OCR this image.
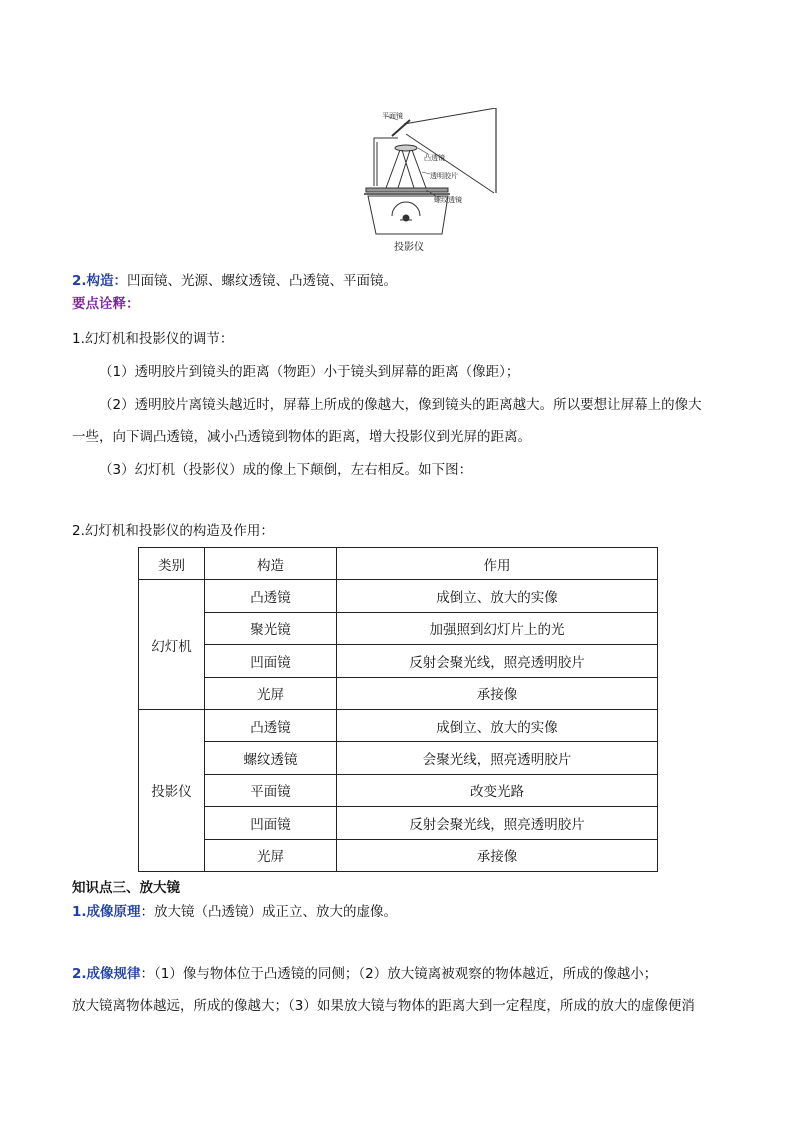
平面镜
凸透镜
透明胶片
螺纹透镜
投影仪
2.构造：凹面镜、光源、螺纹透镜、凸透镜、平面镜。
要点诠释：
1.幻灯机和投影仪的调节：
（1）透明胶片到镜头的距离（物距）小于镜头到屏幕的距离（像距）；
（2）透明胶片离镜头越近时，屏幕上所成的像越大，像到镜头的距离越大。所以要想让屏幕上的像大
一些，向下调凸透镜，减小凸透镜到物体的距离，增大投影仪到光屏的距离。
（3）幻灯机（投影仪）成的像上下颠倒，左右相反。如下图：
2.幻灯机和投影仪的构造及作用：
类别	构造	作用
幻灯机	凸透镜	成倒立、放大的实像
	聚光镜	加强照到幻灯片上的光
	凹面镜	反射会聚光线，照亮透明胶片
	光屏	承接像
投影仪	凸透镜	成倒立、放大的实像
	螺纹透镜	会聚光线，照亮透明胶片
	平面镜	改变光路
	凹面镜	反射会聚光线，照亮透明胶片
	光屏	承接像
知识点三、放大镜
1.成像原理：放大镜（凸透镜）成正立、放大的虚像。
2.成像规律：（1）像与物体位于凸透镜的同侧；（2）放大镜离被观察的物体越近，所成的像越小；
放大镜离物体越远，所成的像越大；（3）如果放大镜与物体的距离大到一定程度，所成的放大的虚像便消
